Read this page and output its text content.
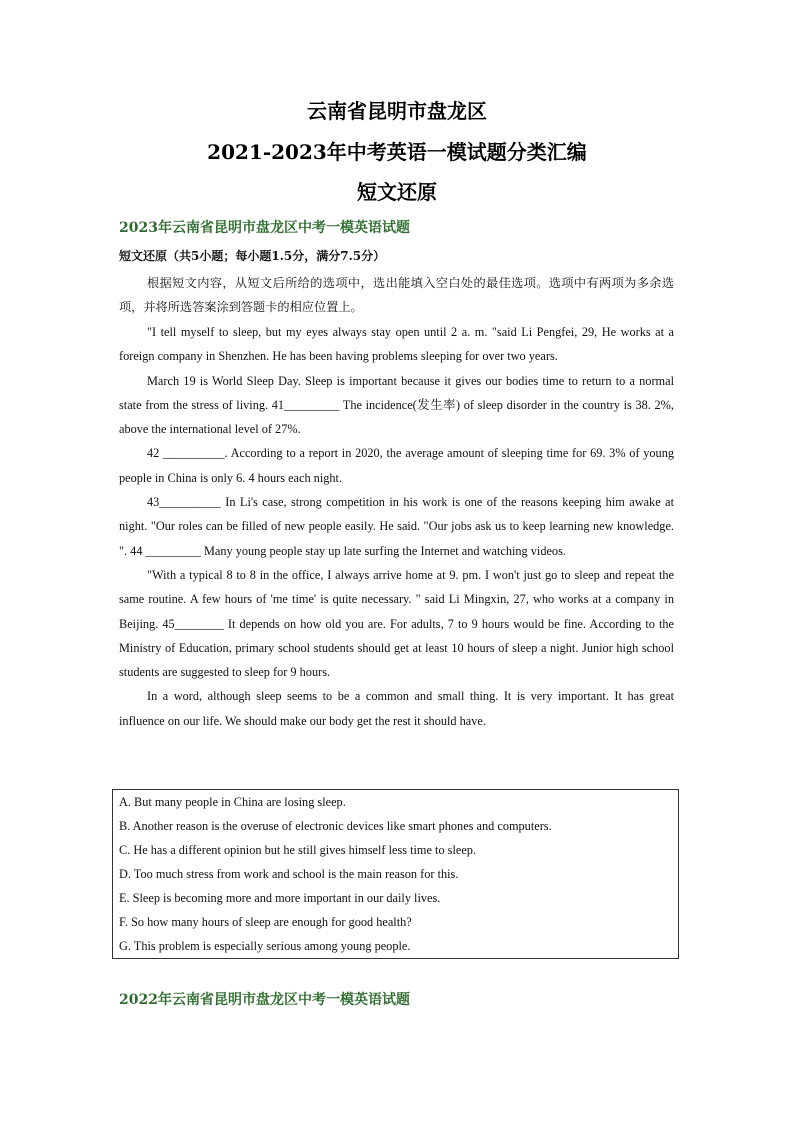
云南省昆明市盘龙区
2021-2023年中考英语一模试题分类汇编
短文还原
2023年云南省昆明市盘龙区中考一模英语试题
短文还原（共5小题；每小题1.5分，满分7.5分）

根据短文内容，从短文后所给的选项中，选出能填入空白处的最佳选项。选项中有两项为多余选项，并将所选答案涂到答题卡的相应位置上。

"I tell myself to sleep, but my eyes always stay open until 2 a. m. "said Li Pengfei, 29, He works at a foreign company in Shenzhen. He has been having problems sleeping for over two years.

March 19 is World Sleep Day. Sleep is important because it gives our bodies time to return to a normal state from the stress of living. 41_________ The incidence(发生率) of sleep disorder in the country is 38. 2%, above the international level of 27%.

42 __________. According to a report in 2020, the average amount of sleeping time for 69. 3% of young people in China is only 6. 4 hours each night.

43__________ In Li's case, strong competition in his work is one of the reasons keeping him awake at night. "Our roles can be filled of new people easily. He said. "Our jobs ask us to keep learning new knowledge. ". 44 _________ Many young people stay up late surfing the Internet and watching videos.

"With a typical 8 to 8 in the office, I always arrive home at 9. pm. I won't just go to sleep and repeat the same routine. A few hours of 'me time' is quite necessary. " said Li Mingxin, 27, who works at a company in Beijing. 45________ It depends on how old you are. For adults, 7 to 9 hours would be fine. According to the Ministry of Education, primary school students should get at least 10 hours of sleep a night. Junior high school students are suggested to sleep for 9 hours.

In a word, although sleep seems to be a common and small thing. It is very important. It has great influence on our life. We should make our body get the rest it should have.

A. But many people in China are losing sleep.
B. Another reason is the overuse of electronic devices like smart phones and computers.
C. He has a different opinion but he still gives himself less time to sleep.
D. Too much stress from work and school is the main reason for this.
E. Sleep is becoming more and more important in our daily lives.
F. So how many hours of sleep are enough for good health?
G. This problem is especially serious among young people.
2022年云南省昆明市盘龙区中考一模英语试题
